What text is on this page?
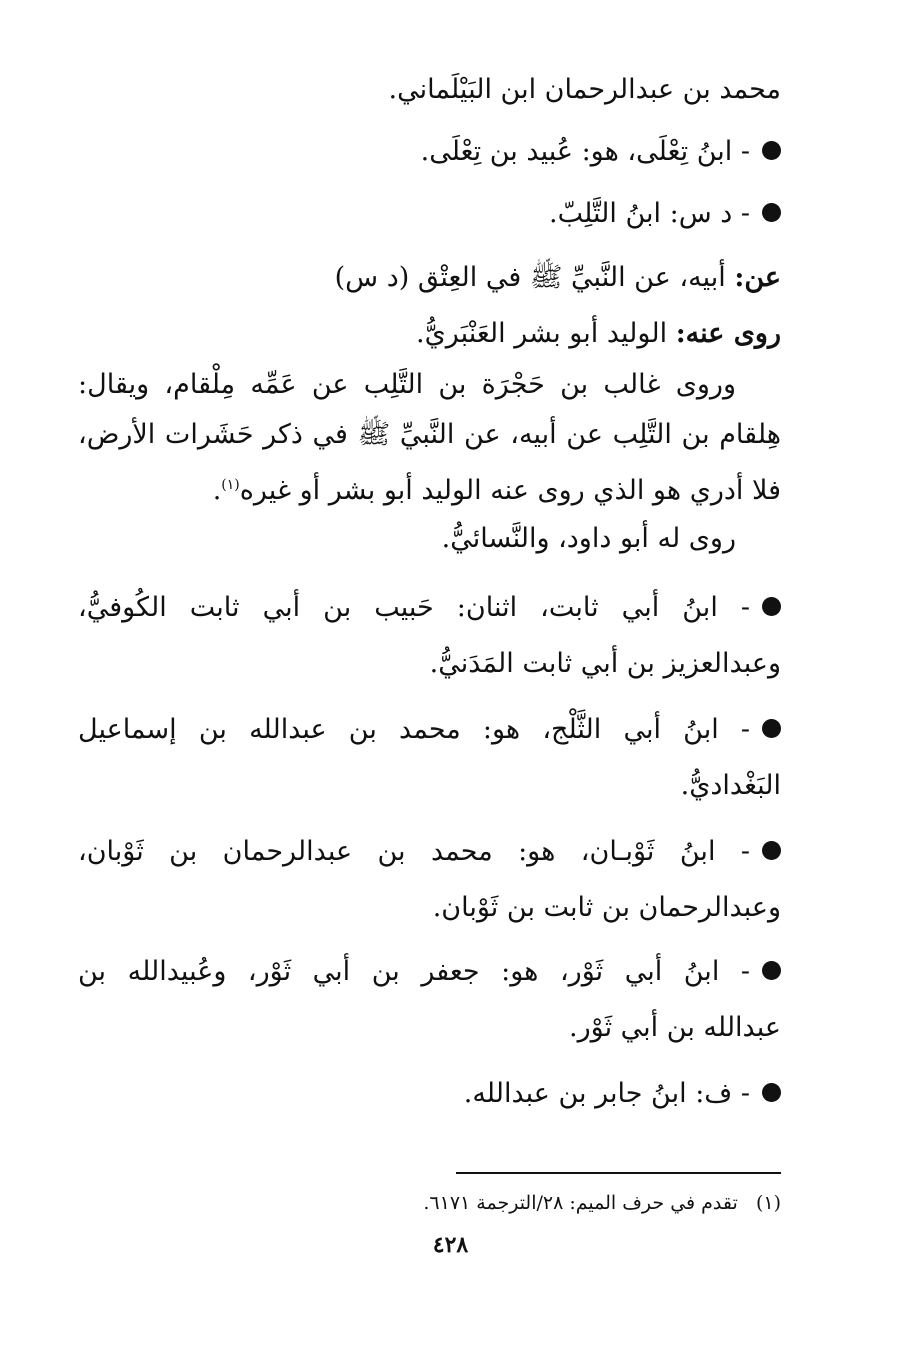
محمد بن عبدالرحمان ابن البَيْلَماني.
- ابنُ تِعْلَى، هو: عُبيد بن تِعْلَى.
- د س: ابنُ التَّلِبّ.
عن: أبيه، عن النَّبيِّ ﷺ في العِتْق (د س)
روى عنه: الوليد أبو بشر العَنْبَريُّ.
وروى غالب بن حَجْرَة بن التَّلِب عن عَمِّه مِلْقام، ويقال:
هِلقام بن التَّلِب عن أبيه، عن النَّبيِّ ﷺ في ذكر حَشَرات الأرض،
فلا أدري هو الذي روى عنه الوليد أبو بشر أو غيره$^{(١)}$.
روى له أبو داود، والنَّسائيُّ.
- ابنُ أبي ثابت، اثنان: حَبيب بن أبي ثابت الكُوفيُّ،
وعبدالعزيز بن أبي ثابت المَدَنيُّ.
- ابنُ أبي الثَّلْج، هو: محمد بن عبدالله بن إسماعيل
البَغْداديُّ.
- ابنُ ثَوْبـان، هو: محمد بن عبدالرحمان بن ثَوْبان،
وعبدالرحمان بن ثابت بن ثَوْبان.
- ابنُ أبي ثَوْر، هو: جعفر بن أبي ثَوْر، وعُبيدالله بن
عبدالله بن أبي ثَوْر.
- ف: ابنُ جابر بن عبدالله.
(١)   تقدم في حرف الميم: ٢٨/الترجمة ٦١٧١.
٤٢٨
